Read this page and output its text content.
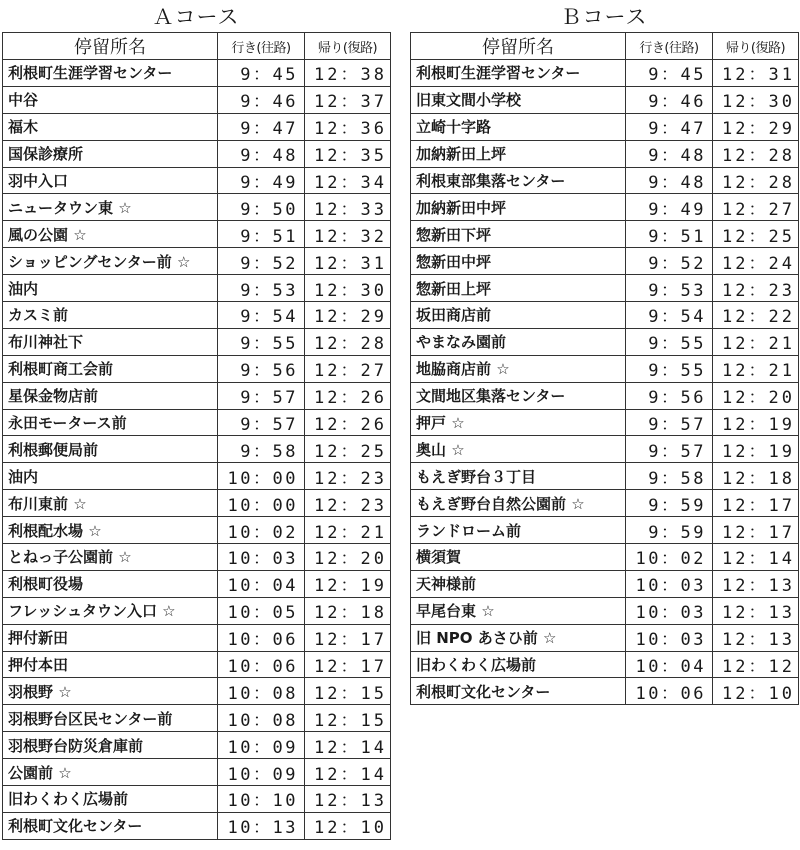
Ａコース
停留所名	行き(往路)	帰り(復路)
利根町生涯学習センター	9：45	12：38
中谷	9：46	12：37
福木	9：47	12：36
国保診療所	9：48	12：35
羽中入口	9：49	12：34
ニュータウン東 ☆	9：50	12：33
風の公園 ☆	9：51	12：32
ショッピングセンター前 ☆	9：52	12：31
油内	9：53	12：30
カスミ前	9：54	12：29
布川神社下	9：55	12：28
利根町商工会前	9：56	12：27
星保金物店前	9：57	12：26
永田モータース前	9：57	12：26
利根郵便局前	9：58	12：25
油内	10：00	12：23
布川東前 ☆	10：00	12：23
利根配水場 ☆	10：02	12：21
とねっ子公園前 ☆	10：03	12：20
利根町役場	10：04	12：19
フレッシュタウン入口 ☆	10：05	12：18
押付新田	10：06	12：17
押付本田	10：06	12：17
羽根野 ☆	10：08	12：15
羽根野台区民センター前	10：08	12：15
羽根野台防災倉庫前	10：09	12：14
公園前 ☆	10：09	12：14
旧わくわく広場前	10：10	12：13
利根町文化センター	10：13	12：10
Ｂコース
停留所名	行き(往路)	帰り(復路)
利根町生涯学習センター	9：45	12：31
旧東文間小学校	9：46	12：30
立崎十字路	9：47	12：29
加納新田上坪	9：48	12：28
利根東部集落センター	9：48	12：28
加納新田中坪	9：49	12：27
惣新田下坪	9：51	12：25
惣新田中坪	9：52	12：24
惣新田上坪	9：53	12：23
坂田商店前	9：54	12：22
やまなみ園前	9：55	12：21
地脇商店前 ☆	9：55	12：21
文間地区集落センター	9：56	12：20
押戸 ☆	9：57	12：19
奥山 ☆	9：57	12：19
もえぎ野台３丁目	9：58	12：18
もえぎ野台自然公園前 ☆	9：59	12：17
ランドローム前	9：59	12：17
横須賀	10：02	12：14
天神様前	10：03	12：13
早尾台東 ☆	10：03	12：13
旧 NPO あさひ前 ☆	10：03	12：13
旧わくわく広場前	10：04	12：12
利根町文化センター	10：06	12：10
